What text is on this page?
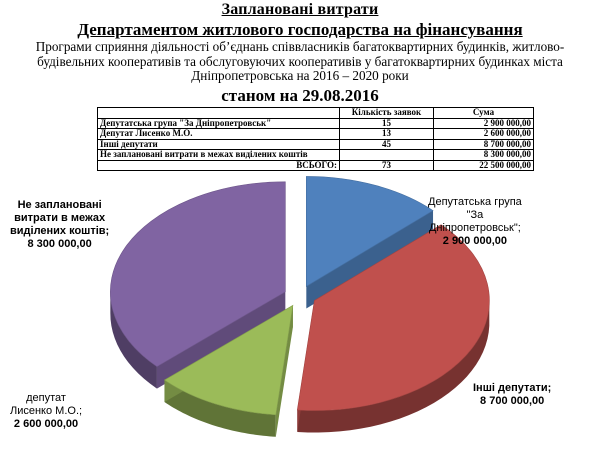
Заплановані витрати
Департаментом житлового господарства на фінансування
Програми сприяння діяльності об’єднань співвласників багатоквартирних будинків, житлово-будівельних кооперативів та обслуговуючих кооперативів у багатоквартирних будинках міста Дніпропетровська на 2016 – 2020 роки
станом на 29.08.2016
	Кількість заявок	Сума
Депутатська група "За Дніпропетровськ"	15	2 900 000,00
Депутат Лисенко М.О.	13	2 600 000,00
Інші депутати	45	8 700 000,00
Не заплановані витрати в межах виділених коштів		8 300 000,00
ВСЬОГО:	73	22 500 000,00
Депутатська група
"За
Дніпропетровськ";
2 900 000,00
Інші депутати;
8 700 000,00
депутат
Лисенко М.О.;
2 600 000,00
Не заплановані
витрати в межах
виділених коштів;
8 300 000,00
